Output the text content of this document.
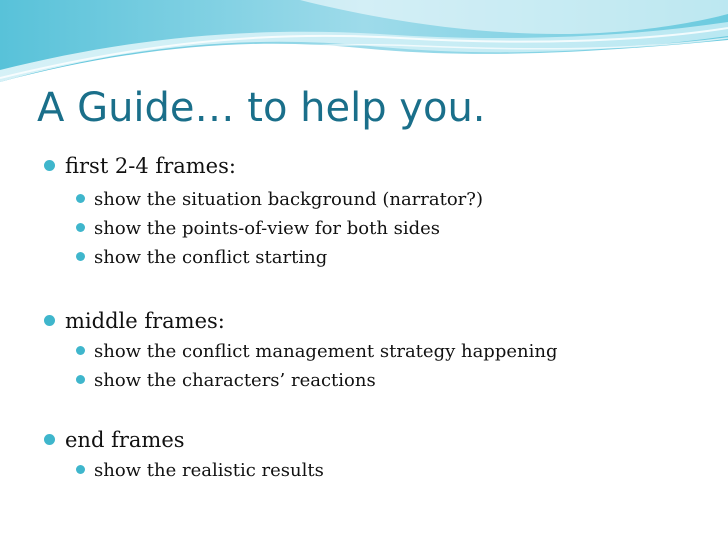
A Guide… to help you.
first 2-4 frames:
show the situation background (narrator?)
show the points-of-view for both sides
show the conflict starting
middle frames:
show the conflict management strategy happening
show the characters’ reactions
end frames
show the realistic results
